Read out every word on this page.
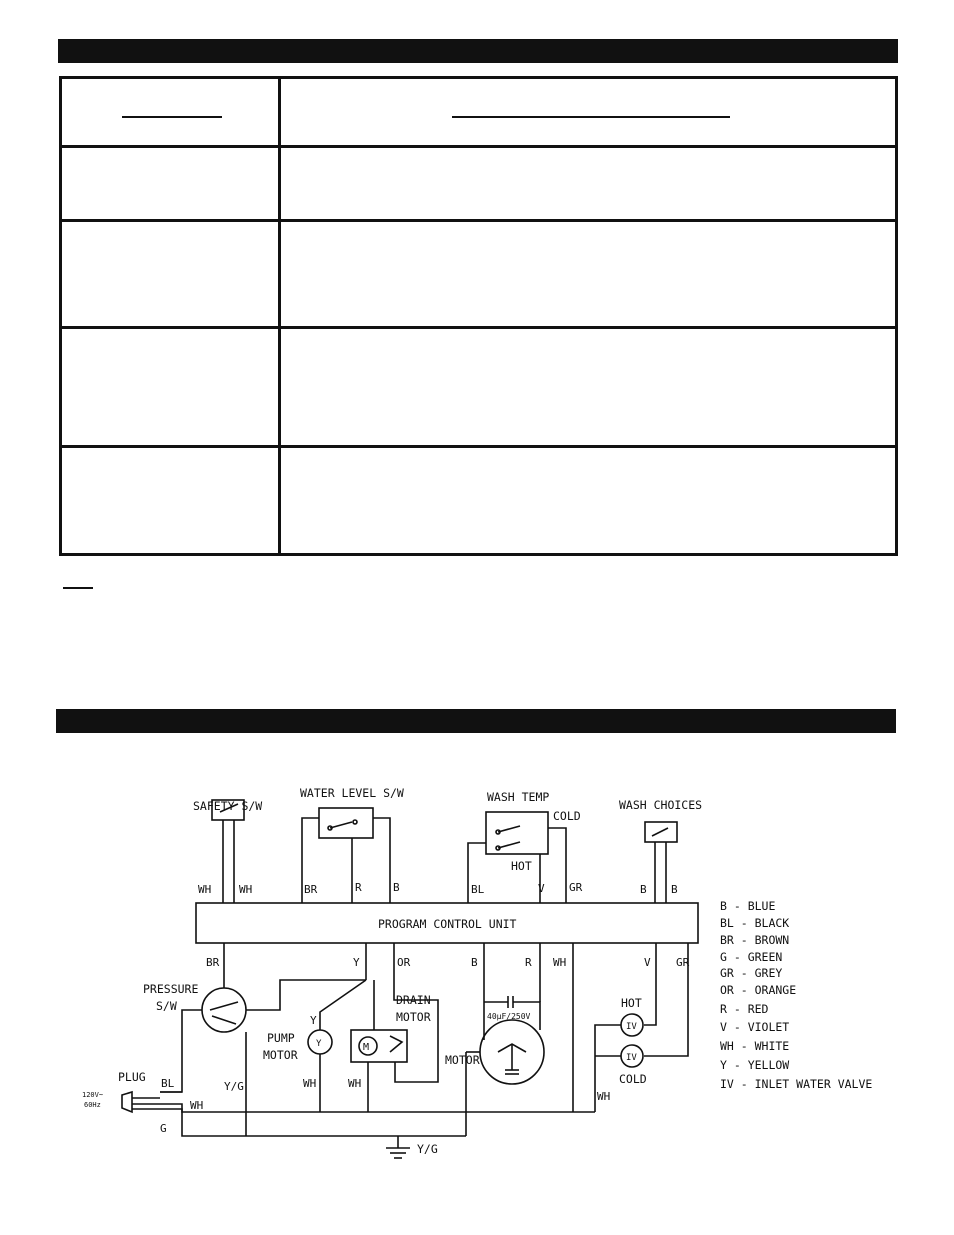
SAFETY S/W
WATER LEVEL S/W	WASH TEMP
COLD
HOT
WASH CHOICES
PROGRAM CONTROL UNIT
PRESSURE
S/W
PUMP
MOTOR
DRAIN
MOTOR
MOTOR
40μF/250V
HOT
COLD
PLUG
120V~
60Hz
Y/G
M
IV
IV
Y
WH	WH	BR	R	B	BL	V GR	B B
BR	Y	OR	B	R WH	V GR
Y
BL
WH
G
Y/G	WH	WH
WH
B - BLUE
BL - BLACK
BR - BROWN
G - GREEN
GR - GREY
OR - ORANGE
R - RED
V - VIOLET
WH - WHITE
Y - YELLOW
IV - INLET WATER VALVE
